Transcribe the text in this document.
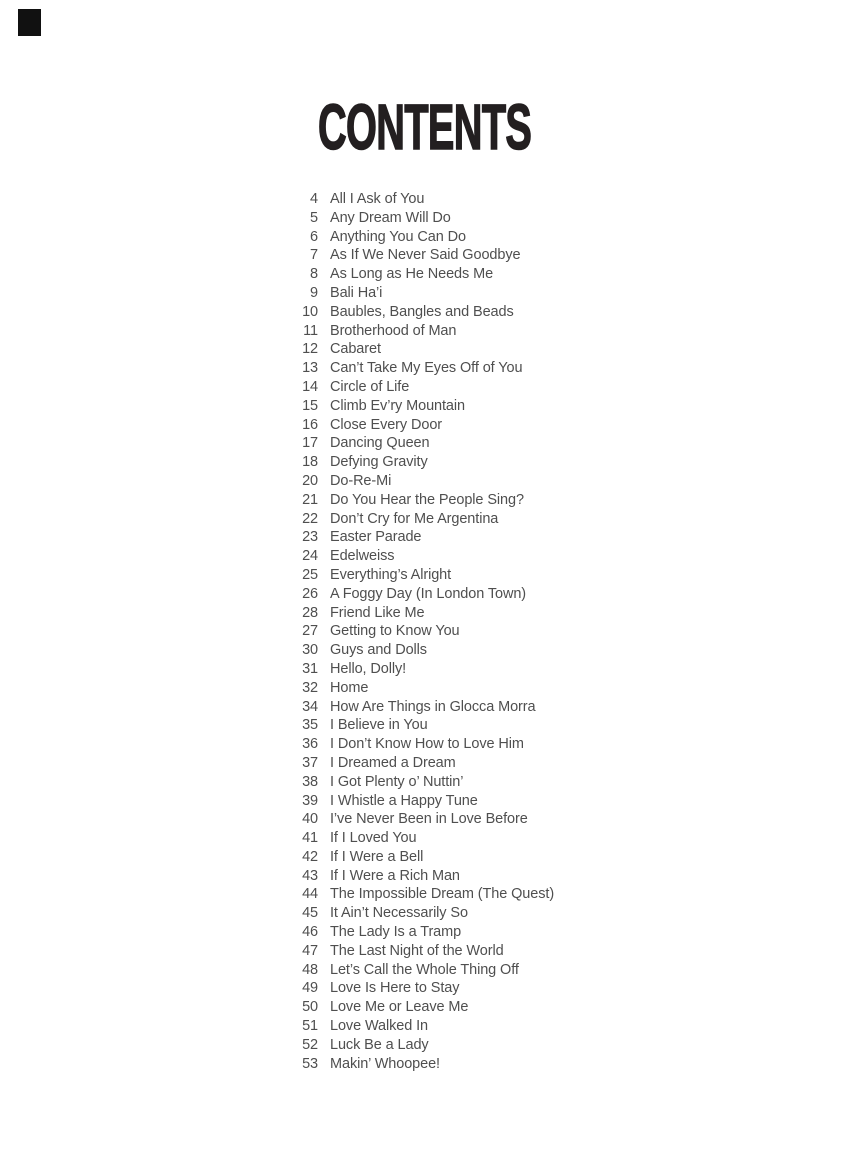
CONTENTS
4 All I Ask of You
5 Any Dream Will Do
6 Anything You Can Do
7 As If We Never Said Goodbye
8 As Long as He Needs Me
9 Bali Ha’i
10 Baubles, Bangles and Beads
11 Brotherhood of Man
12 Cabaret
13 Can’t Take My Eyes Off of You
14 Circle of Life
15 Climb Ev’ry Mountain
16 Close Every Door
17 Dancing Queen
18 Defying Gravity
20 Do-Re-Mi
21 Do You Hear the People Sing?
22 Don’t Cry for Me Argentina
23 Easter Parade
24 Edelweiss
25 Everything’s Alright
26 A Foggy Day (In London Town)
28 Friend Like Me
27 Getting to Know You
30 Guys and Dolls
31 Hello, Dolly!
32 Home
34 How Are Things in Glocca Morra
35 I Believe in You
36 I Don’t Know How to Love Him
37 I Dreamed a Dream
38 I Got Plenty o’ Nuttin’
39 I Whistle a Happy Tune
40 I’ve Never Been in Love Before
41 If I Loved You
42 If I Were a Bell
43 If I Were a Rich Man
44 The Impossible Dream (The Quest)
45 It Ain’t Necessarily So
46 The Lady Is a Tramp
47 The Last Night of the World
48 Let’s Call the Whole Thing Off
49 Love Is Here to Stay
50 Love Me or Leave Me
51 Love Walked In
52 Luck Be a Lady
53 Makin’ Whoopee!
